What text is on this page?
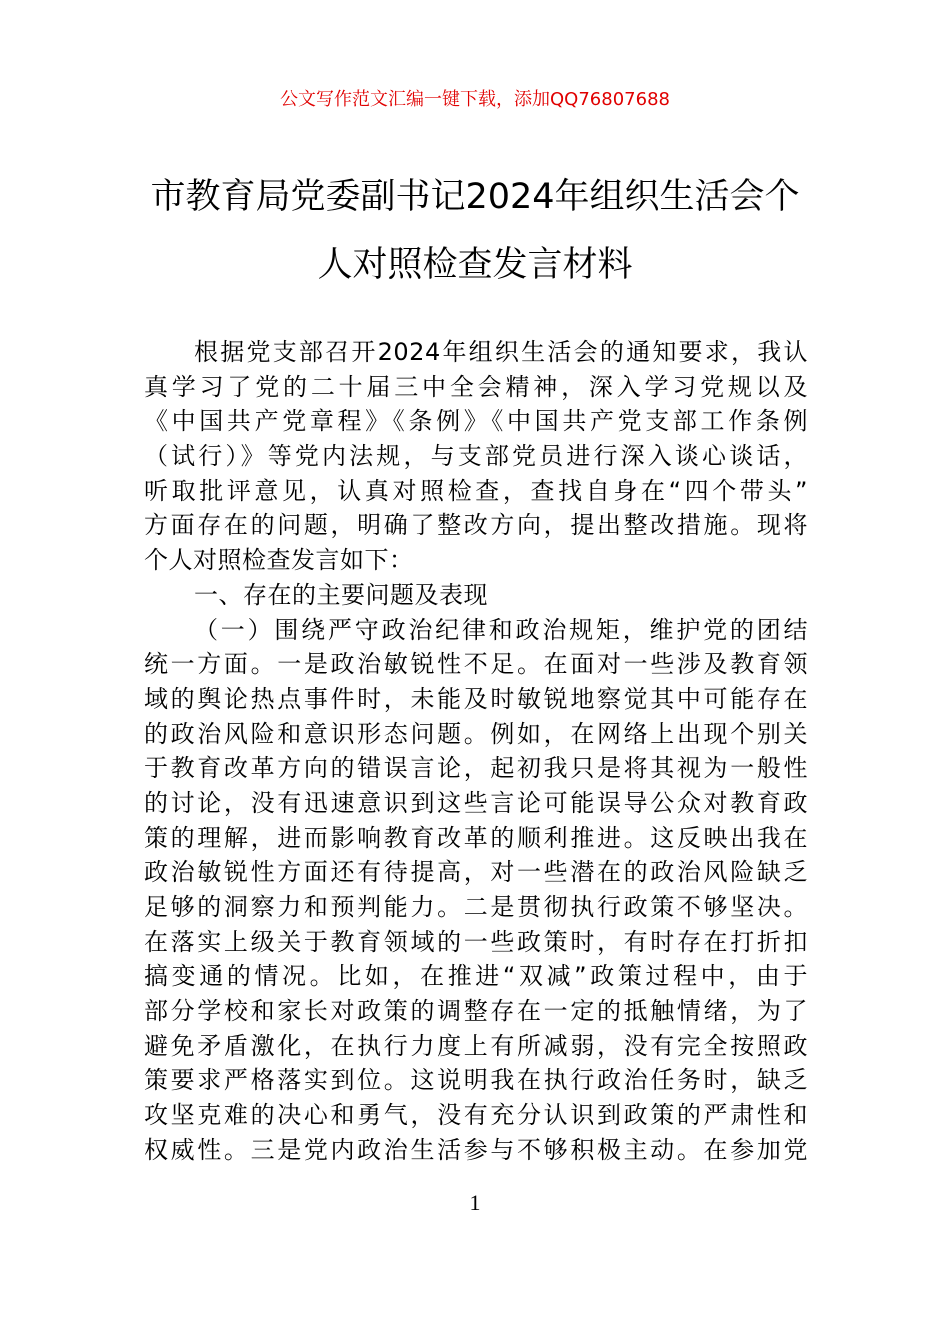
公文写作范文汇编一键下载，添加QQ76807688
市教育局党委副书记2024年组织生活会个
人对照检查发言材料
根据党支部召开2024年组织生活会的通知要求，我认
真学习了党的二十届三中全会精神，深入学习党规以及
《中国共产党章程》《条例》《中国共产党支部工作条例
（试行）》等党内法规，与支部党员进行深入谈心谈话，
听取批评意见，认真对照检查，查找自身在“四个带头”
方面存在的问题，明确了整改方向，提出整改措施。现将
个人对照检查发言如下：
一、存在的主要问题及表现
（一）围绕严守政治纪律和政治规矩，维护党的团结
统一方面。一是政治敏锐性不足。在面对一些涉及教育领
域的舆论热点事件时，未能及时敏锐地察觉其中可能存在
的政治风险和意识形态问题。例如，在网络上出现个别关
于教育改革方向的错误言论，起初我只是将其视为一般性
的讨论，没有迅速意识到这些言论可能误导公众对教育政
策的理解，进而影响教育改革的顺利推进。这反映出我在
政治敏锐性方面还有待提高，对一些潜在的政治风险缺乏
足够的洞察力和预判能力。二是贯彻执行政策不够坚决。
在落实上级关于教育领域的一些政策时，有时存在打折扣
搞变通的情况。比如，在推进“双减”政策过程中，由于
部分学校和家长对政策的调整存在一定的抵触情绪，为了
避免矛盾激化，在执行力度上有所减弱，没有完全按照政
策要求严格落实到位。这说明我在执行政治任务时，缺乏
攻坚克难的决心和勇气，没有充分认识到政策的严肃性和
权威性。三是党内政治生活参与不够积极主动。在参加党
1
